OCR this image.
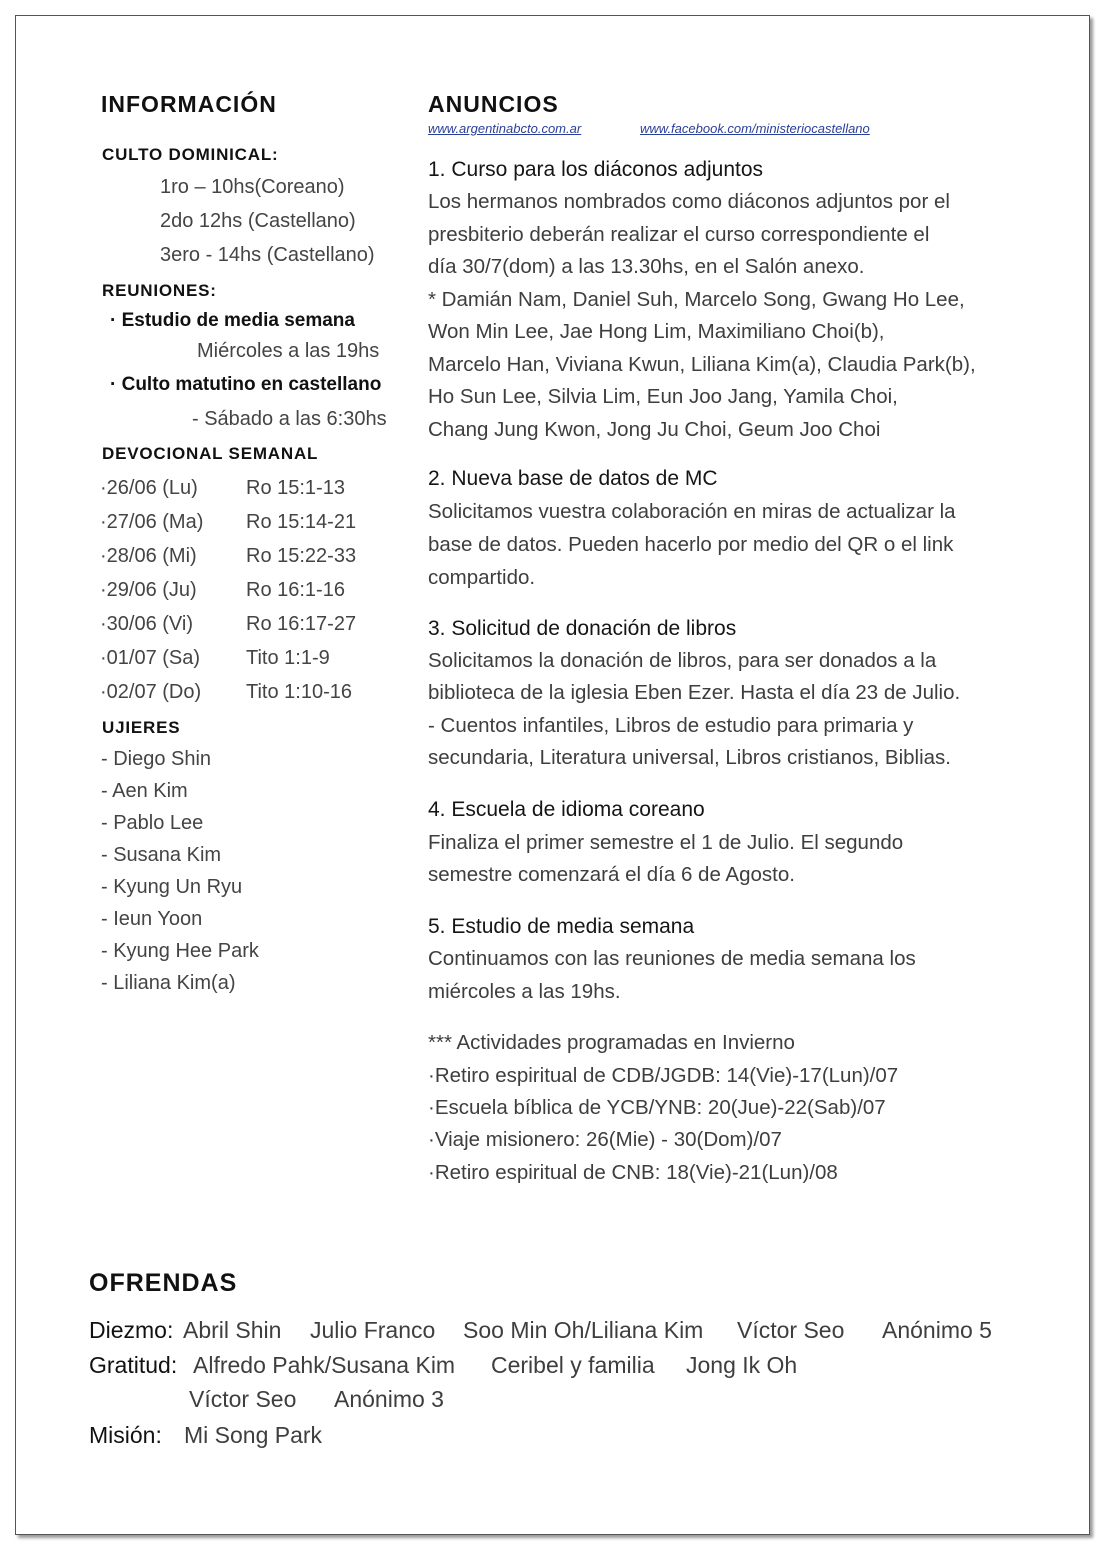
INFORMACIÓN
CULTO DOMINICAL:
1ro – 10hs(Coreano)
2do 12hs (Castellano)
3ero - 14hs (Castellano)
REUNIONES:
· Estudio de media semana
Miércoles a las 19hs
· Culto matutino en castellano
- Sábado a las 6:30hs
DEVOCIONAL SEMANAL
·26/06 (Lu) Ro 15:1-13
·27/06 (Ma) Ro 15:14-21
·28/06 (Mi) Ro 15:22-33
·29/06 (Ju) Ro 16:1-16
·30/06 (Vi)	Ro 16:17-27
·01/07 (Sa) Tito 1:1-9
·02/07 (Do) Tito 1:10-16
UJIERES
- Diego Shin
- Aen Kim
- Pablo Lee
- Susana Kim
- Kyung Un Ryu
- Ieun Yoon
- Kyung Hee Park
- Liliana Kim(a)
ANUNCIOS
www.argentinabcto.com.ar	www.facebook.com/ministeriocastellano
1. Curso para los diáconos adjuntos
Los hermanos nombrados como diáconos adjuntos por el
presbiterio deberán realizar el curso correspondiente el
día 30/7(dom) a las 13.30hs, en el Salón anexo.
* Damián Nam, Daniel Suh, Marcelo Song, Gwang Ho Lee,
Won Min Lee, Jae Hong Lim, Maximiliano Choi(b),
Marcelo Han, Viviana Kwun, Liliana Kim(a), Claudia Park(b),
Ho Sun Lee, Silvia Lim, Eun Joo Jang, Yamila Choi,
Chang Jung Kwon, Jong Ju Choi, Geum Joo Choi
2. Nueva base de datos de MC
Solicitamos vuestra colaboración en miras de actualizar la
base de datos. Pueden hacerlo por medio del QR o el link
compartido.
3. Solicitud de donación de libros
Solicitamos la donación de libros, para ser donados a la
biblioteca de la iglesia Eben Ezer. Hasta el día 23 de Julio.
- Cuentos infantiles, Libros de estudio para primaria y
secundaria, Literatura universal, Libros cristianos, Biblias.
4. Escuela de idioma coreano
Finaliza el primer semestre el 1 de Julio. El segundo
semestre comenzará el día 6 de Agosto.
5. Estudio de media semana
Continuamos con las reuniones de media semana los
miércoles a las 19hs.
*** Actividades programadas en Invierno
·Retiro espiritual de CDB/JGDB: 14(Vie)-17(Lun)/07
·Escuela bíblica de YCB/YNB: 20(Jue)-22(Sab)/07
·Viaje misionero: 26(Mie) - 30(Dom)/07
·Retiro espiritual de CNB: 18(Vie)-21(Lun)/08
OFRENDAS
Diezmo: Abril Shin Julio Franco Soo Min Oh/Liliana Kim Víctor Seo Anónimo 5
Gratitud: Alfredo Pahk/Susana Kim Ceribel y familia Jong Ik Oh
Víctor Seo Anónimo 3
Misión: Mi Song Park
